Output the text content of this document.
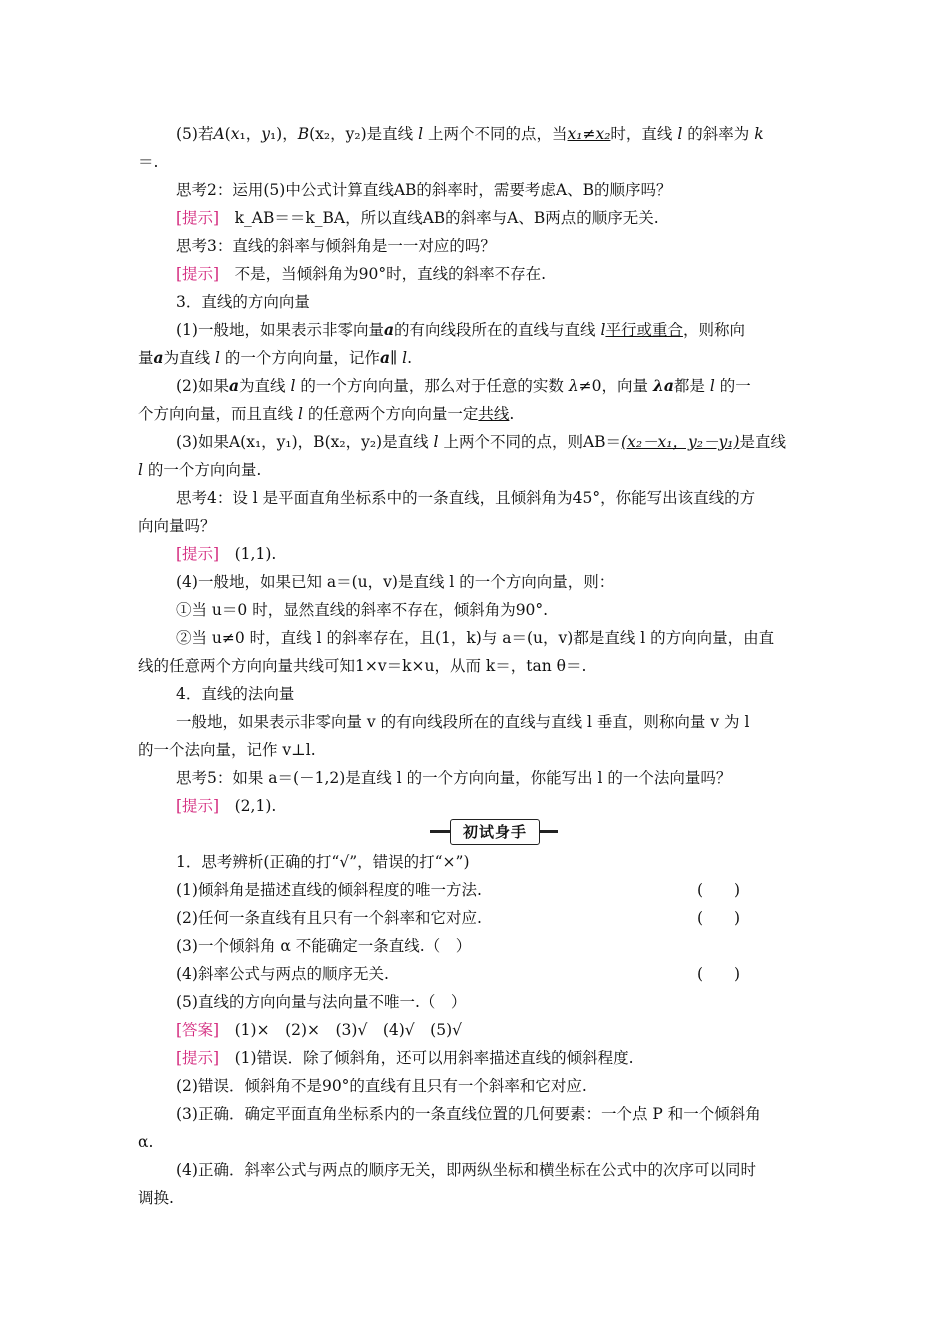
(5)若A(x₁，y₁)，B(x₂，y₂)是直线 l 上两个不同的点，当x₁≠x₂时，直线 l 的斜率为 k
＝.
思考2：运用(5)中公式计算直线AB的斜率时，需要考虑A、B的顺序吗？
[提示]　 k_AB＝＝k_BA，所以直线AB的斜率与A、B两点的顺序无关.
思考3：直线的斜率与倾斜角是一一对应的吗？
[提示]　 不是，当倾斜角为90°时，直线的斜率不存在.
3．直线的方向向量
(1)一般地，如果表示非零向量a的有向线段所在的直线与直线 l平行或重合，则称向
量a为直线 l 的一个方向向量，记作a∥ l.
(2)如果a为直线 l 的一个方向向量，那么对于任意的实数 λ≠0，向量 λa都是 l 的一
个方向向量，而且直线 l 的任意两个方向向量一定共线.
(3)如果A(x₁，y₁)，B(x₂，y₂)是直线 l 上两个不同的点，则AB＝(x₂－x₁，y₂－y₁)是直线
l 的一个方向向量.
思考4：设 l 是平面直角坐标系中的一条直线，且倾斜角为45°，你能写出该直线的方
向向量吗？
[提示]　 (1,1).
(4)一般地，如果已知 a＝(u，v)是直线 l 的一个方向向量，则：
①当 u＝0 时，显然直线的斜率不存在，倾斜角为90°.
②当 u≠0 时，直线 l 的斜率存在，且(1，k)与 a＝(u，v)都是直线 l 的方向向量，由直
线的任意两个方向向量共线可知1×v＝k×u，从而 k＝，tan θ＝.
4．直线的法向量
一般地，如果表示非零向量 v 的有向线段所在的直线与直线 l 垂直，则称向量 v 为 l
的一个法向量，记作 v⊥l.
思考5：如果 a＝(－1,2)是直线 l 的一个方向向量，你能写出 l 的一个法向量吗？
[提示]　 (2,1).
初试身手
1．思考辨析(正确的打“√”，错误的打“×”)
(1)倾斜角是描述直线的倾斜程度的唯一方法.	(　　)
(2)任何一条直线有且只有一个斜率和它对应.	(　　)
(3)一个倾斜角 α 不能确定一条直线.（　）
(4)斜率公式与两点的顺序无关.	(　　)
(5)直线的方向向量与法向量不唯一.（　）
[答案]　 (1)×　(2)×　(3)√　(4)√　(5)√
[提示]　 (1)错误．除了倾斜角，还可以用斜率描述直线的倾斜程度.
(2)错误．倾斜角不是90°的直线有且只有一个斜率和它对应.
(3)正确．确定平面直角坐标系内的一条直线位置的几何要素：一个点 P 和一个倾斜角
α.
(4)正确．斜率公式与两点的顺序无关，即两纵坐标和横坐标在公式中的次序可以同时
调换.
